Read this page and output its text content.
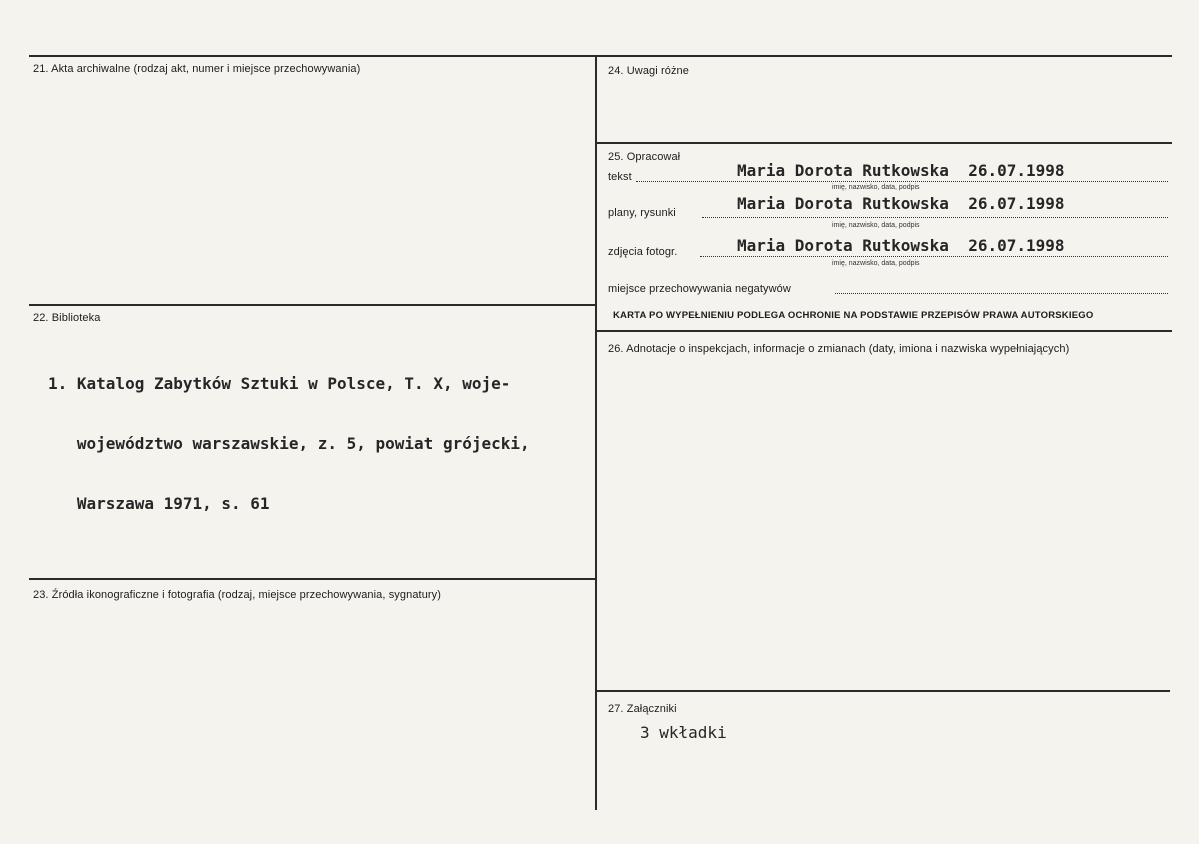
21. Akta archiwalne (rodzaj akt, numer i miejsce przechowywania)
22. Biblioteka

1. Katalog Zabytków Sztuki w Polsce, T. X, woje-

województwo warszawskie, z. 5, powiat grójecki,

Warszawa 1971, s. 61

23. Źródła ikonograficzne i fotografia (rodzaj, miejsce przechowywania, sygnatury)
24. Uwagi różne
25. Opracował
tekst	Maria Dorota Rutkowska  26.07.1998
imię, nazwisko, data, podpis
plany, rysunki	Maria Dorota Rutkowska  26.07.1998
imię, nazwisko, data, podpis
zdjęcia fotogr.	Maria Dorota Rutkowska  26.07.1998
imię, nazwisko, data, podpis
miejsce przechowywania negatywów
KARTA PO WYPEŁNIENIU PODLEGA OCHRONIE NA PODSTAWIE PRZEPISÓW PRAWA AUTORSKIEGO
26. Adnotacje o inspekcjach, informacje o zmianach (daty, imiona i nazwiska wypełniających)
27. Załączniki
3 wkładki
